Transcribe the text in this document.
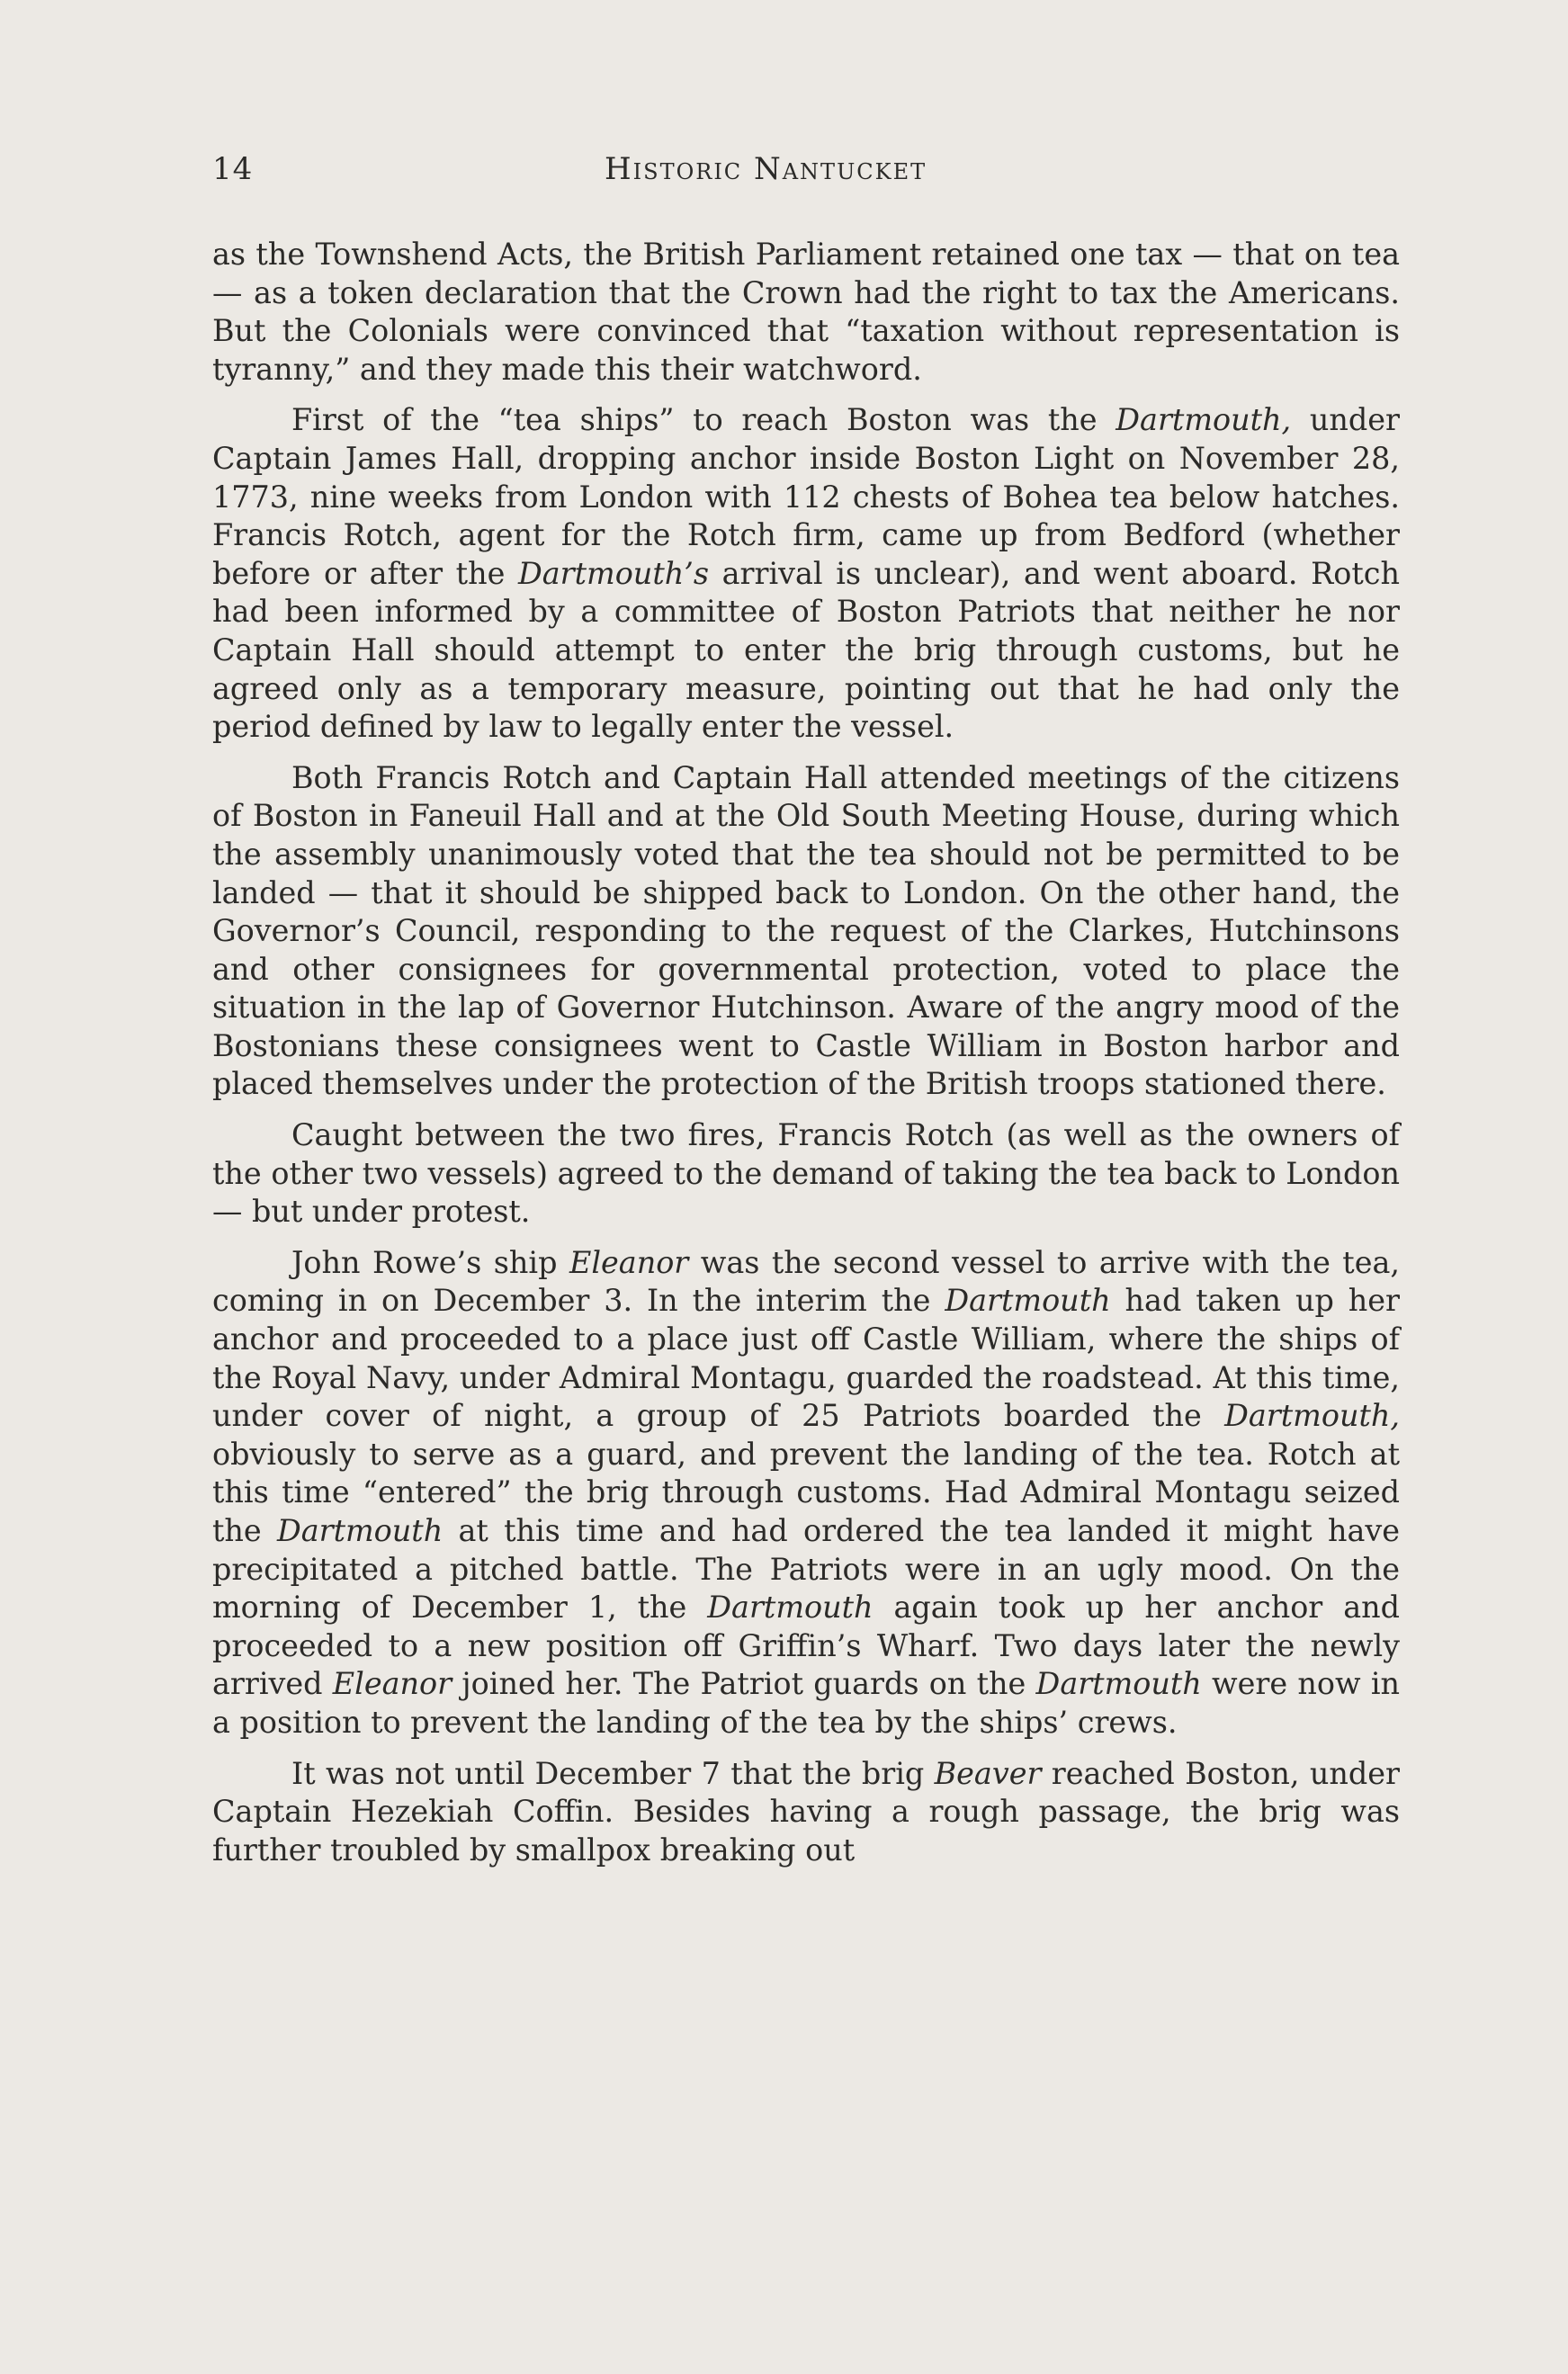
14	Historic Nantucket

as the Townshend Acts, the British Parliament retained one tax — that on tea — as a token declaration that the Crown had the right to tax the Americans. But the Colonials were convinced that “taxation without representation is tyranny,” and they made this their watchword.

First of the “tea ships” to reach Boston was the Dartmouth, under Captain James Hall, dropping anchor inside Boston Light on November 28, 1773, nine weeks from London with 112 chests of Bohea tea below hatches. Francis Rotch, agent for the Rotch firm, came up from Bedford (whether before or after the Dartmouth’s arrival is unclear), and went aboard. Rotch had been informed by a committee of Boston Patriots that neither he nor Captain Hall should attempt to enter the brig through customs, but he agreed only as a temporary measure, pointing out that he had only the period defined by law to legally enter the vessel.

Both Francis Rotch and Captain Hall attended meetings of the citizens of Boston in Faneuil Hall and at the Old South Meeting House, during which the assembly unanimously voted that the tea should not be permitted to be landed — that it should be shipped back to London. On the other hand, the Governor’s Council, responding to the request of the Clarkes, Hutchinsons and other consignees for governmental protection, voted to place the situation in the lap of Governor Hutchinson. Aware of the angry mood of the Bostonians these consignees went to Castle William in Boston harbor and placed themselves under the protection of the British troops stationed there.

Caught between the two fires, Francis Rotch (as well as the owners of the other two vessels) agreed to the demand of taking the tea back to London — but under protest.

John Rowe’s ship Eleanor was the second vessel to arrive with the tea, coming in on December 3. In the interim the Dartmouth had taken up her anchor and proceeded to a place just off Castle William, where the ships of the Royal Navy, under Admiral Montagu, guarded the roadstead. At this time, under cover of night, a group of 25 Patriots boarded the Dartmouth, obviously to serve as a guard, and prevent the landing of the tea. Rotch at this time “entered” the brig through customs. Had Admiral Montagu seized the Dartmouth at this time and had ordered the tea landed it might have precipitated a pitched battle. The Patriots were in an ugly mood. On the morning of December 1, the Dartmouth again took up her anchor and proceeded to a new position off Griffin’s Wharf. Two days later the newly arrived Eleanor joined her. The Patriot guards on the Dartmouth were now in a position to prevent the landing of the tea by the ships’ crews.

It was not until December 7 that the brig Beaver reached Boston, under Captain Hezekiah Coffin. Besides having a rough passage, the brig was further troubled by smallpox breaking out
